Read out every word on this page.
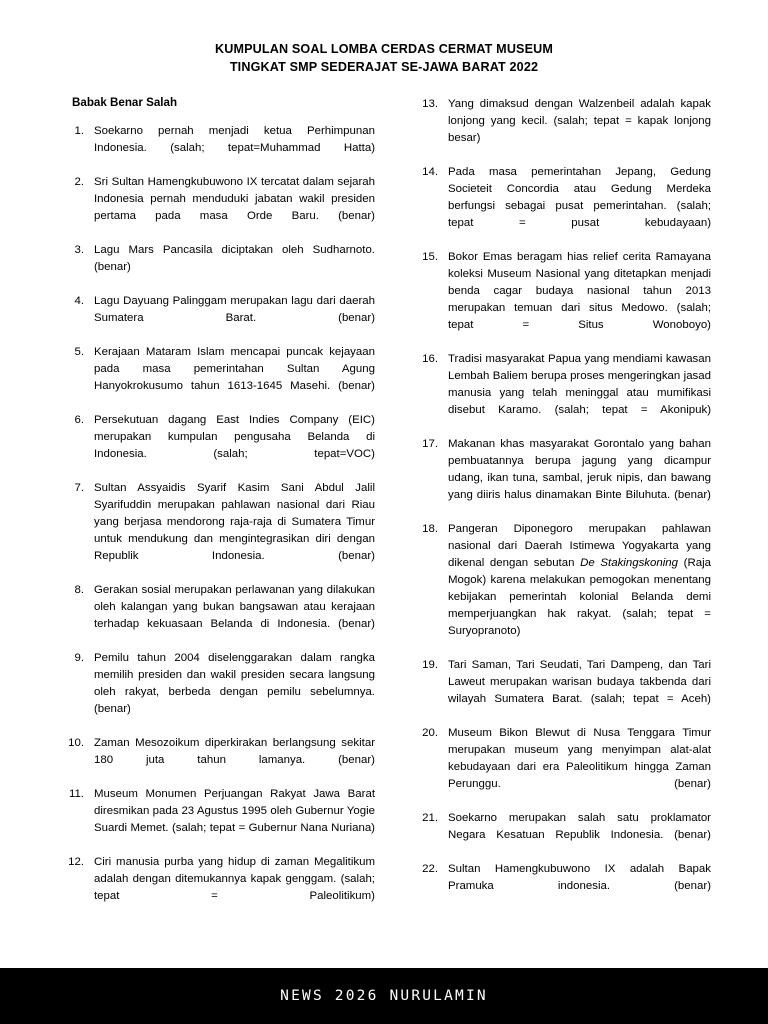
KUMPULAN SOAL LOMBA CERDAS CERMAT MUSEUM
TINGKAT SMP SEDERAJAT SE-JAWA BARAT 2022
Babak Benar Salah
1. Soekarno pernah menjadi ketua Perhimpunan Indonesia. (salah; tepat=Muhammad Hatta)
2. Sri Sultan Hamengkubuwono IX tercatat dalam sejarah Indonesia pernah menduduki jabatan wakil presiden pertama pada masa Orde Baru. (benar)
3. Lagu Mars Pancasila diciptakan oleh Sudharnoto. (benar)
4. Lagu Dayuang Palinggam merupakan lagu dari daerah Sumatera Barat. (benar)
5. Kerajaan Mataram Islam mencapai puncak kejayaan pada masa pemerintahan Sultan Agung Hanyokrokusumo tahun 1613-1645 Masehi. (benar)
6. Persekutuan dagang East Indies Company (EIC) merupakan kumpulan pengusaha Belanda di Indonesia. (salah; tepat=VOC)
7. Sultan Assyaidis Syarif Kasim Sani Abdul Jalil Syarifuddin merupakan pahlawan nasional dari Riau yang berjasa mendorong raja-raja di Sumatera Timur untuk mendukung dan mengintegrasikan diri dengan Republik Indonesia. (benar)
8. Gerakan sosial merupakan perlawanan yang dilakukan oleh kalangan yang bukan bangsawan atau kerajaan terhadap kekuasaan Belanda di Indonesia. (benar)
9. Pemilu tahun 2004 diselenggarakan dalam rangka memilih presiden dan wakil presiden secara langsung oleh rakyat, berbeda dengan pemilu sebelumnya. (benar)
10. Zaman Mesozoikum diperkirakan berlangsung sekitar 180 juta tahun lamanya. (benar)
11. Museum Monumen Perjuangan Rakyat Jawa Barat diresmikan pada 23 Agustus 1995 oleh Gubernur Yogie Suardi Memet. (salah; tepat = Gubernur Nana Nuriana)
12. Ciri manusia purba yang hidup di zaman Megalitikum adalah dengan ditemukannya kapak genggam. (salah; tepat = Paleolitikum)
13. Yang dimaksud dengan Walzenbeil adalah kapak lonjong yang kecil. (salah; tepat = kapak lonjong besar)
14. Pada masa pemerintahan Jepang, Gedung Societeit Concordia atau Gedung Merdeka berfungsi sebagai pusat pemerintahan. (salah; tepat = pusat kebudayaan)
15. Bokor Emas beragam hias relief cerita Ramayana koleksi Museum Nasional yang ditetapkan menjadi benda cagar budaya nasional tahun 2013 merupakan temuan dari situs Medowo. (salah; tepat = Situs Wonoboyo)
16. Tradisi masyarakat Papua yang mendiami kawasan Lembah Baliem berupa proses mengeringkan jasad manusia yang telah meninggal atau mumifikasi disebut Karamo. (salah; tepat = Akonipuk)
17. Makanan khas masyarakat Gorontalo yang bahan pembuatannya berupa jagung yang dicampur udang, ikan tuna, sambal, jeruk nipis, dan bawang yang diiris halus dinamakan Binte Biluhuta. (benar)
18. Pangeran Diponegoro merupakan pahlawan nasional dari Daerah Istimewa Yogyakarta yang dikenal dengan sebutan De Stakingskoning (Raja Mogok) karena melakukan pemogokan menentang kebijakan pemerintah kolonial Belanda demi memperjuangkan hak rakyat. (salah; tepat = Suryopranoto)
19. Tari Saman, Tari Seudati, Tari Dampeng, dan Tari Laweut merupakan warisan budaya takbenda dari wilayah Sumatera Barat. (salah; tepat = Aceh)
20. Museum Bikon Blewut di Nusa Tenggara Timur merupakan museum yang menyimpan alat-alat kebudayaan dari era Paleolitikum hingga Zaman Perunggu. (benar)
21. Soekarno merupakan salah satu proklamator Negara Kesatuan Republik Indonesia. (benar)
22. Sultan Hamengkubuwono IX adalah Bapak Pramuka indonesia. (benar)
NEWS 2026 NURULAMIN
